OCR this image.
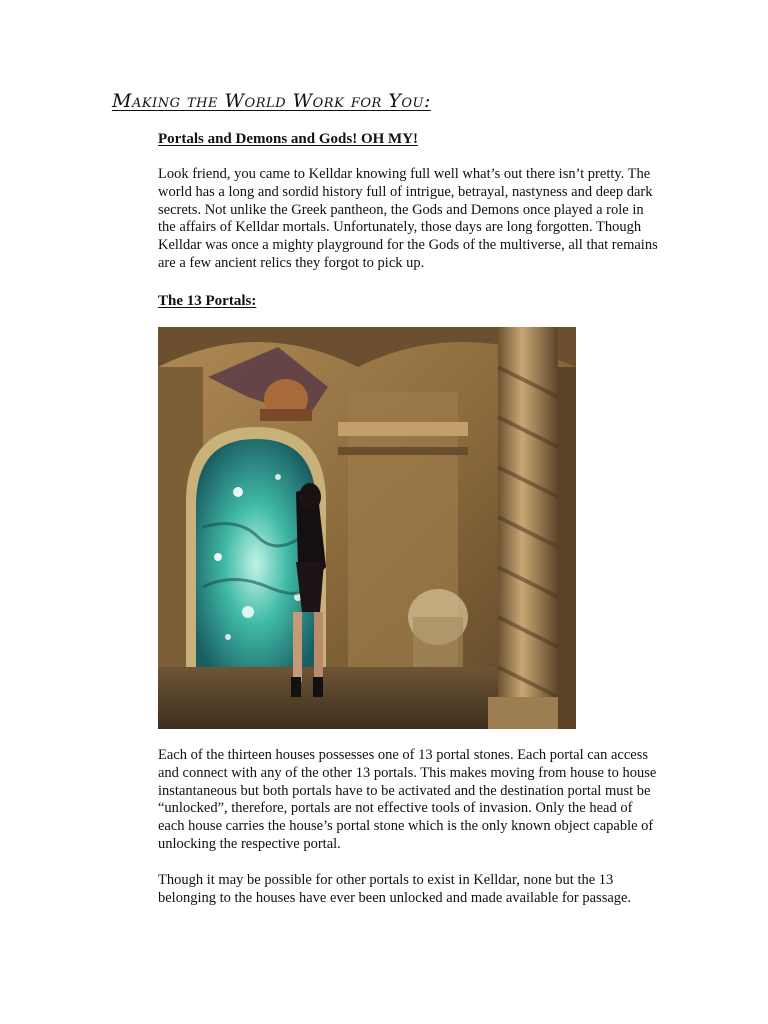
Making the World Work for You:
Portals and Demons and Gods! OH MY!

Look friend, you came to Kelldar knowing full well what’s out there isn’t pretty. The world has a long and sordid history full of intrigue, betrayal, nastyness and deep dark secrets. Not unlike the Greek pantheon, the Gods and Demons once played a role in the affairs of Kelldar mortals. Unfortunately, those days are long forgotten. Though Kelldar was once a mighty playground for the Gods of the multiverse, all that remains are a few ancient relics they forgot to pick up.

The 13 Portals:

Each of the thirteen houses possesses one of 13 portal stones. Each portal can access and connect with any of the other 13 portals. This makes moving from house to house instantaneous but both portals have to be activated and the destination portal must be “unlocked”, therefore, portals are not effective tools of invasion. Only the head of each house carries the house’s portal stone which is the only known object capable of unlocking the respective portal.

Though it may be possible for other portals to exist in Kelldar, none but the 13 belonging to the houses have ever been unlocked and made available for passage.
